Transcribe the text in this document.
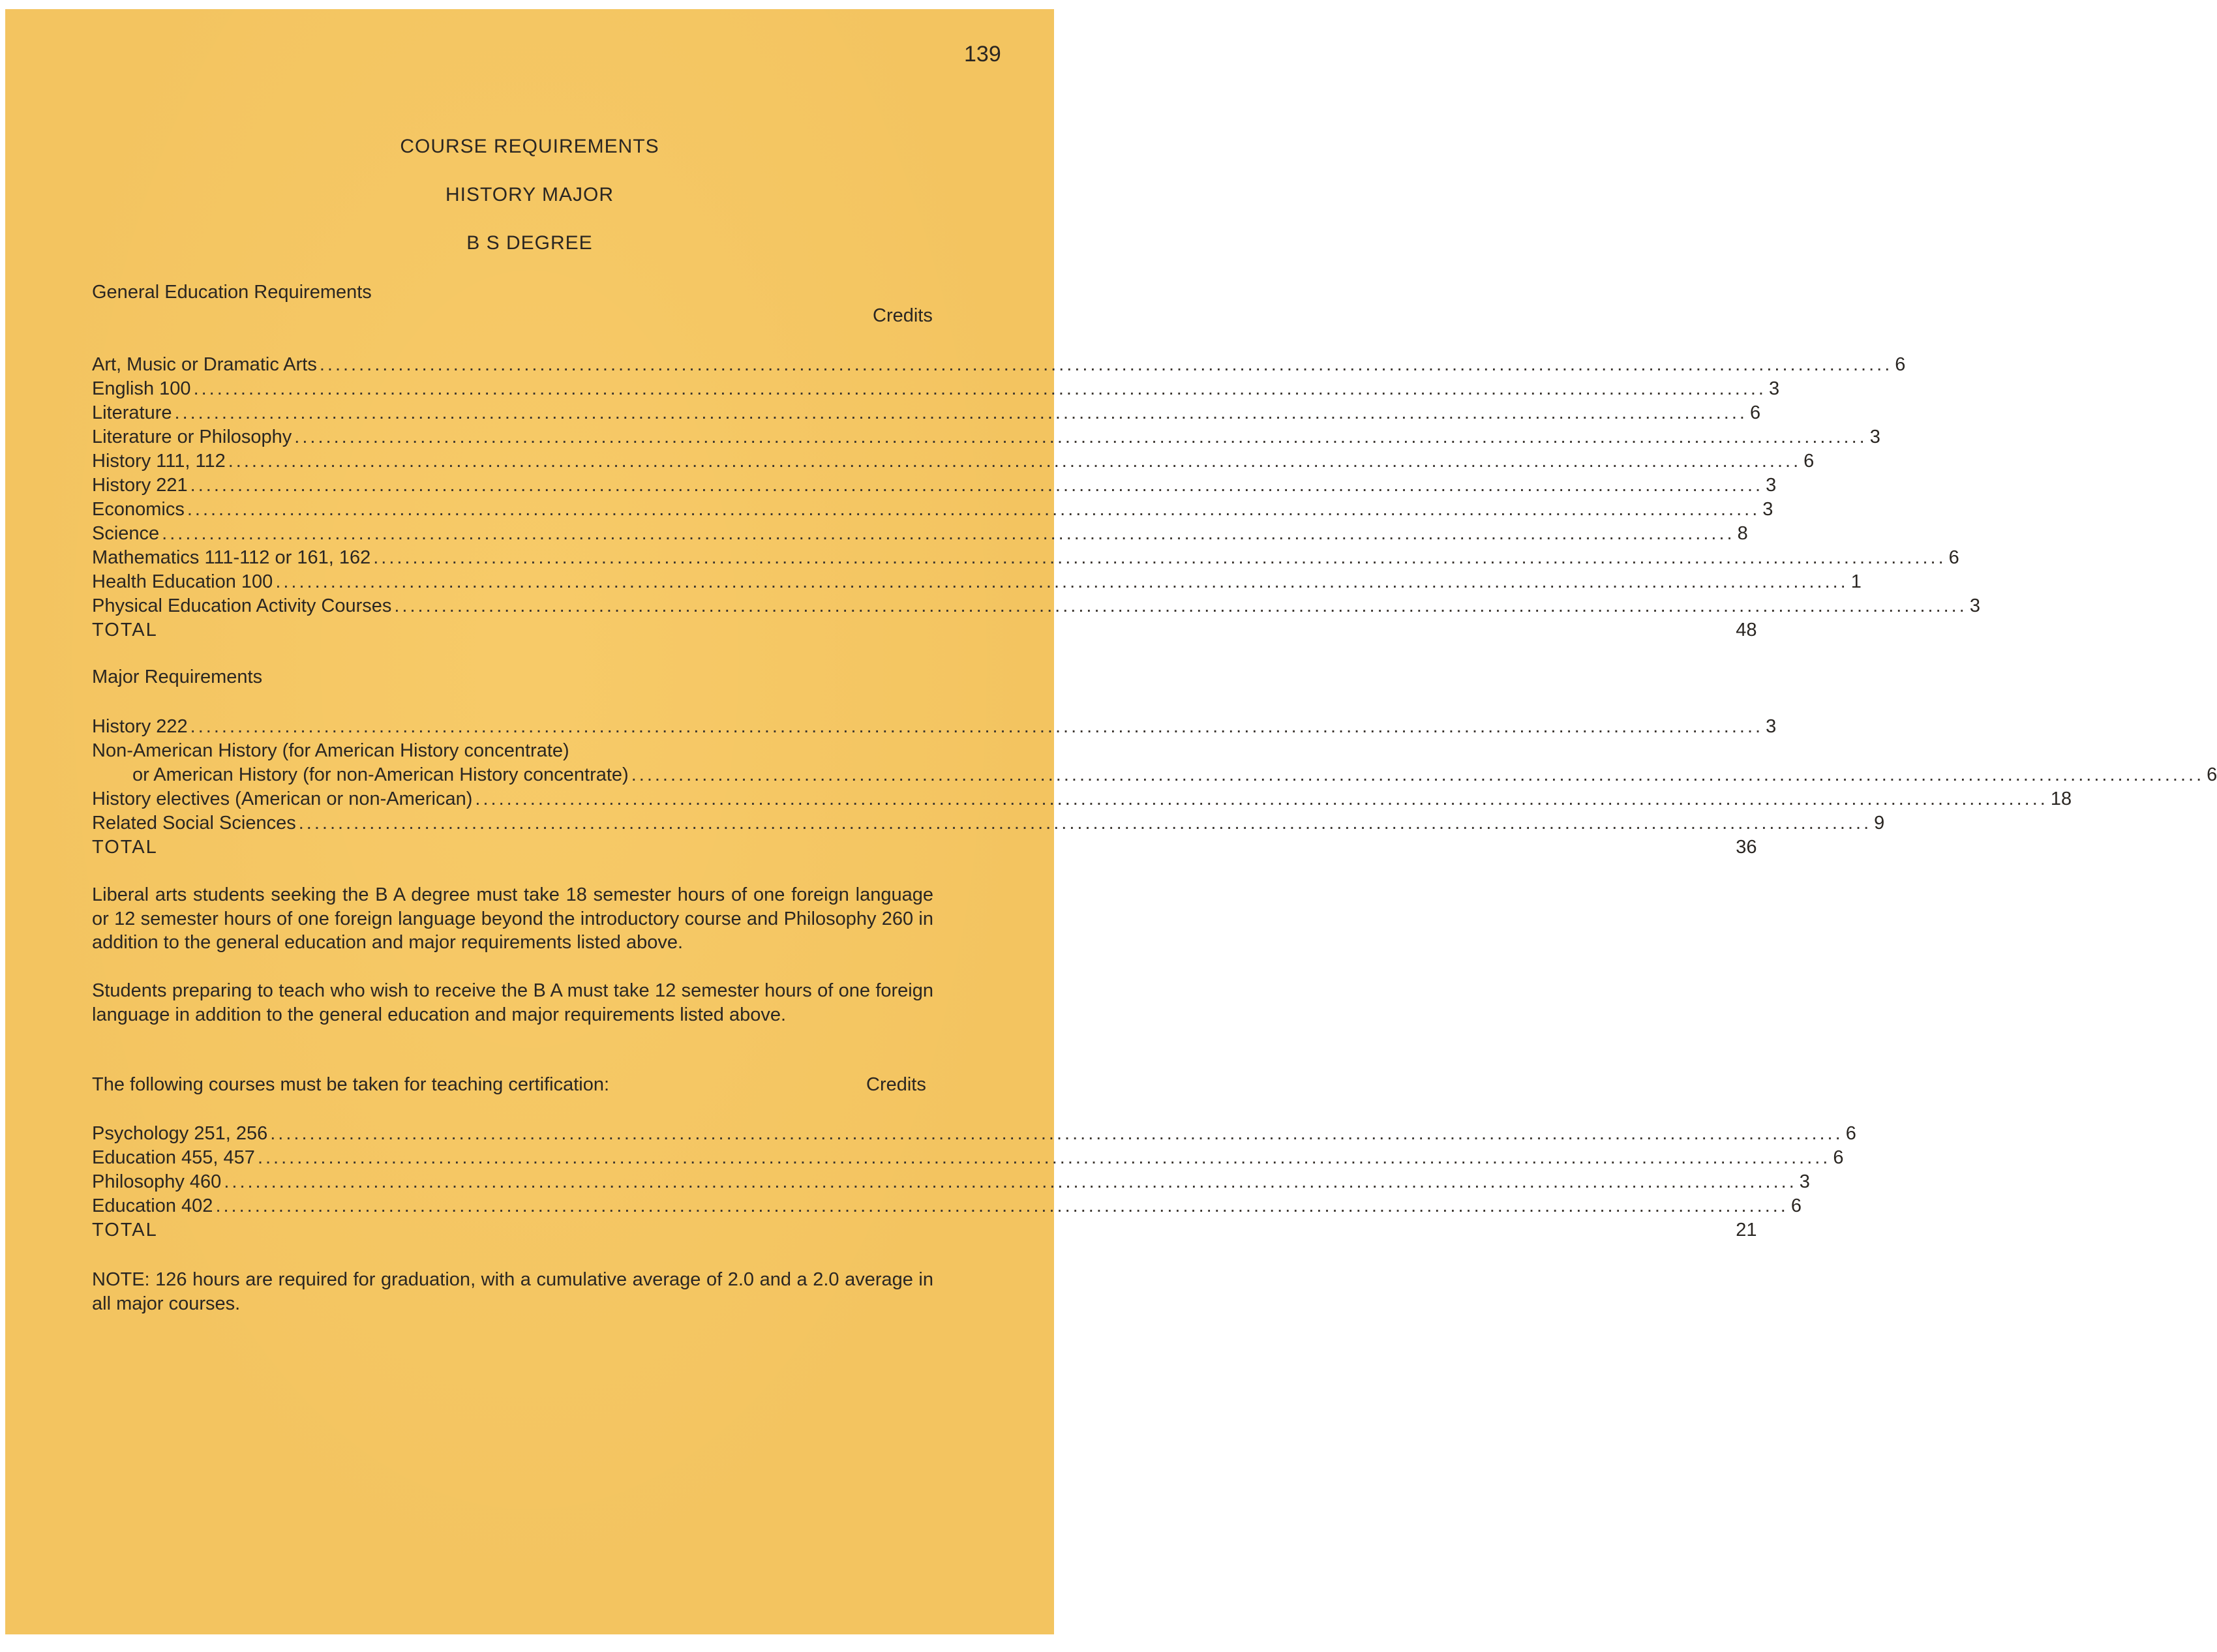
139
COURSE REQUIREMENTS
HISTORY MAJOR
B S DEGREE
General Education Requirements
Credits
Art, Music or Dramatic Arts ........................................................................................................................................................................................................ 6
English 100 ........................................................................................................................................................................................................ 3
Literature ........................................................................................................................................................................................................ 6
Literature or Philosophy ........................................................................................................................................................................................................ 3
History 111, 112 ........................................................................................................................................................................................................ 6
History 221 ........................................................................................................................................................................................................ 3
Economics ........................................................................................................................................................................................................ 3
Science ........................................................................................................................................................................................................ 8
Mathematics 111-112 or 161, 162 ........................................................................................................................................................................................................ 6
Health Education 100 ........................................................................................................................................................................................................ 1
Physical Education Activity Courses ........................................................................................................................................................................................................ 3
TOTAL	48
Major Requirements
History 222 ........................................................................................................................................................................................................ 3
Non-American History (for American History concentrate)
or American History (for non-American History concentrate) ........................................................................................................................................................................................................ 6
History electives (American or non-American) ........................................................................................................................................................................................................ 18
Related Social Sciences ........................................................................................................................................................................................................ 9
TOTAL	36
Liberal arts students seeking the B A degree must take 18 semester hours of one foreign language or 12 semester hours of one foreign language beyond the introductory course and Philosophy 260 in addition to the general education and major requirements listed above.
Students preparing to teach who wish to receive the B A must take 12 semester hours of one foreign language in addition to the general education and major requirements listed above.
The following courses must be taken for teaching certification:	Credits
Psychology 251, 256 ........................................................................................................................................................................................................ 6
Education 455, 457 ........................................................................................................................................................................................................ 6
Philosophy 460 ........................................................................................................................................................................................................ 3
Education 402 ........................................................................................................................................................................................................ 6
TOTAL	21
NOTE: 126 hours are required for graduation, with a cumulative average of 2.0 and a 2.0 average in all major courses.
